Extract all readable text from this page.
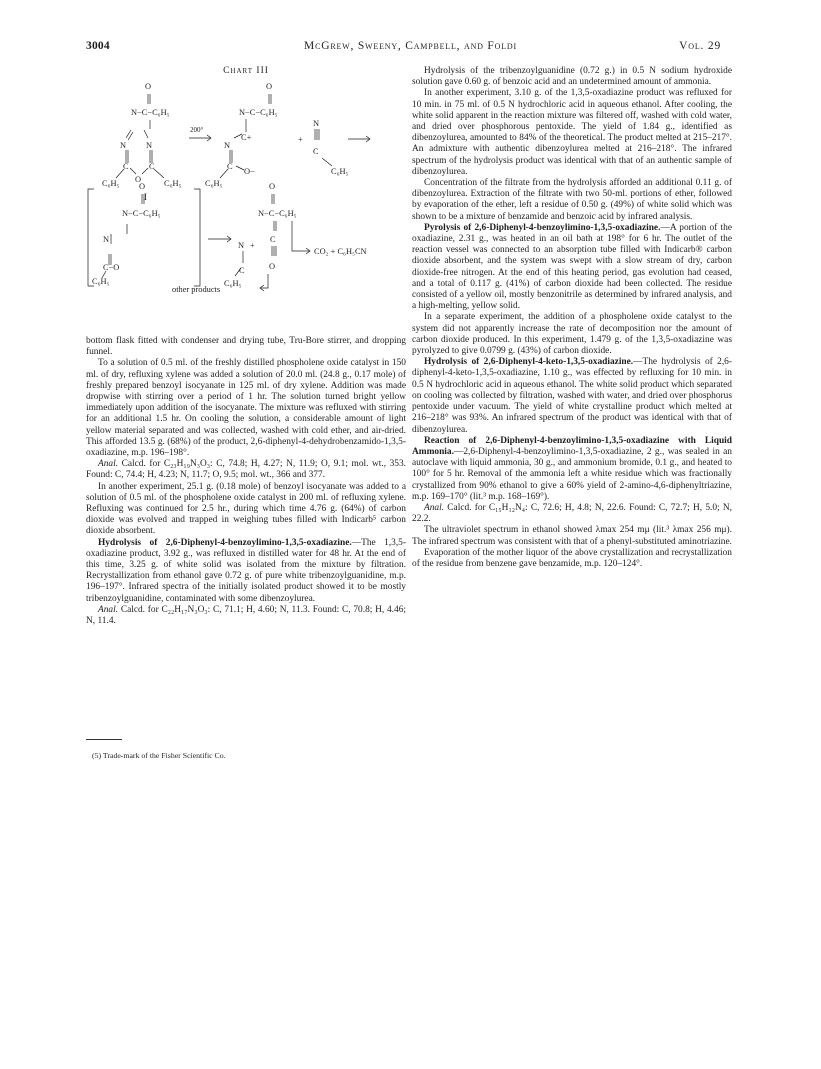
3004	McGrew, Sweeny, Campbell, and Foldi	Vol. 29
Chart III
O
N−C−C₆H₅
N N
C C
O
C₆H₅	C₆H₅
I
200°
O
N−C−C₆H₅
C+
N
C
O−
C₆H₅
+
N
C
C₆H₅
O
N−C−C₆H₅
N
C−O
C₆H₅
N +
C
C₆H₅
O
N−C−C₆H₅
C
O
CO₂ + C₆H₅CN
other products

bottom flask fitted with condenser and drying tube, Tru-Bore stirrer, and dropping funnel.

To a solution of 0.5 ml. of the freshly distilled phospholene oxide catalyst in 150 ml. of dry, refluxing xylene was added a solution of 20.0 ml. (24.8 g., 0.17 mole) of freshly prepared benzoyl isocyanate in 125 ml. of dry xylene. Addition was made dropwise with stirring over a period of 1 hr. The solution turned bright yellow immediately upon addition of the isocyanate. The mixture was refluxed with stirring for an additional 1.5 hr. On cooling the solution, a considerable amount of light yellow material separated and was collected, washed with cold ether, and air-dried. This afforded 13.5 g. (68%) of the product, 2,6-diphenyl-4-dehydrobenzamido-1,3,5-oxadiazine, m.p. 196–198°.

Anal. Calcd. for C₂₃H₁₉N₃O₃: C, 74.8; H, 4.27; N, 11.9; O, 9.1; mol. wt., 353. Found: C, 74.4; H, 4.23; N, 11.7; O, 9.5; mol. wt., 366 and 377.

In another experiment, 25.1 g. (0.18 mole) of benzoyl isocyanate was added to a solution of 0.5 ml. of the phospholene oxide catalyst in 200 ml. of refluxing xylene. Refluxing was continued for 2.5 hr., during which time 4.76 g. (64%) of carbon dioxide was evolved and trapped in weighing tubes filled with Indicarb⁵ carbon dioxide absorbent.

Hydrolysis of 2,6-Diphenyl-4-benzoylimino-1,3,5-oxadiazine.—The 1,3,5-oxadiazine product, 3.92 g., was refluxed in distilled water for 48 hr. At the end of this time, 3.25 g. of white solid was isolated from the mixture by filtration. Recrystallization from ethanol gave 0.72 g. of pure white tribenzoylguanidine, m.p. 196–197°. Infrared spectra of the initially isolated product showed it to be mostly tribenzoylguanidine, contaminated with some dibenzoylurea.

Anal. Calcd. for C₂₂H₁₇N₃O₃: C, 71.1; H, 4.60; N, 11.3. Found: C, 70.8; H, 4.46; N, 11.4.

(5) Trade-mark of the Fisher Scientific Co.

Hydrolysis of the tribenzoylguanidine (0.72 g.) in 0.5 N sodium hydroxide solution gave 0.60 g. of benzoic acid and an undetermined amount of ammonia.

In another experiment, 3.10 g. of the 1,3,5-oxadiazine product was refluxed for 10 min. in 75 ml. of 0.5 N hydrochloric acid in aqueous ethanol. After cooling, the white solid apparent in the reaction mixture was filtered off, washed with cold water, and dried over phosphorous pentoxide. The yield of 1.84 g., identified as dibenzoylurea, amounted to 84% of the theoretical. The product melted at 215–217°. An admixture with authentic dibenzoylurea melted at 216–218°. The infrared spectrum of the hydrolysis product was identical with that of an authentic sample of dibenzoylurea.

Concentration of the filtrate from the hydrolysis afforded an additional 0.11 g. of dibenzoylurea. Extraction of the filtrate with two 50-ml. portions of ether, followed by evaporation of the ether, left a residue of 0.50 g. (49%) of white solid which was shown to be a mixture of benzamide and benzoic acid by infrared analysis.

Pyrolysis of 2,6-Diphenyl-4-benzoylimino-1,3,5-oxadiazine.—A portion of the oxadiazine, 2.31 g., was heated in an oil bath at 198° for 6 hr. The outlet of the reaction vessel was connected to an absorption tube filled with Indicarb® carbon dioxide absorbent, and the system was swept with a slow stream of dry, carbon dioxide-free nitrogen. At the end of this heating period, gas evolution had ceased, and a total of 0.117 g. (41%) of carbon dioxide had been collected. The residue consisted of a yellow oil, mostly benzonitrile as determined by infrared analysis, and a high-melting, yellow solid.

In a separate experiment, the addition of a phospholene oxide catalyst to the system did not apparently increase the rate of decomposition nor the amount of carbon dioxide produced. In this experiment, 1.479 g. of the 1,3,5-oxadiazine was pyrolyzed to give 0.0799 g. (43%) of carbon dioxide.

Hydrolysis of 2,6-Diphenyl-4-keto-1,3,5-oxadiazine.—The hydrolysis of 2,6-diphenyl-4-keto-1,3,5-oxadiazine, 1.10 g., was effected by refluxing for 10 min. in 0.5 N hydrochloric acid in aqueous ethanol. The white solid product which separated on cooling was collected by filtration, washed with water, and dried over phosphorus pentoxide under vacuum. The yield of white crystalline product which melted at 216–218° was 93%. An infrared spectrum of the product was identical with that of dibenzoylurea.

Reaction of 2,6-Diphenyl-4-benzoylimino-1,3,5-oxadiazine with Liquid Ammonia.—2,6-Diphenyl-4-benzoylimino-1,3,5-oxadiazine, 2 g., was sealed in an autoclave with liquid ammonia, 30 g., and ammonium bromide, 0.1 g., and heated to 100° for 5 hr. Removal of the ammonia left a white residue which was fractionally crystallized from 90% ethanol to give a 60% yield of 2-amino-4,6-diphenyltriazine, m.p. 169–170° (lit.³ m.p. 168–169°).

Anal. Calcd. for C₁₅H₁₂N₄: C, 72.6; H, 4.8; N, 22.6. Found: C, 72.7; H, 5.0; N, 22.2.

The ultraviolet spectrum in ethanol showed λmax 254 mμ (lit.³ λmax 256 mμ). The infrared spectrum was consistent with that of a phenyl-substituted aminotriazine.

Evaporation of the mother liquor of the above crystallization and recrystallization of the residue from benzene gave benzamide, m.p. 120–124°.
